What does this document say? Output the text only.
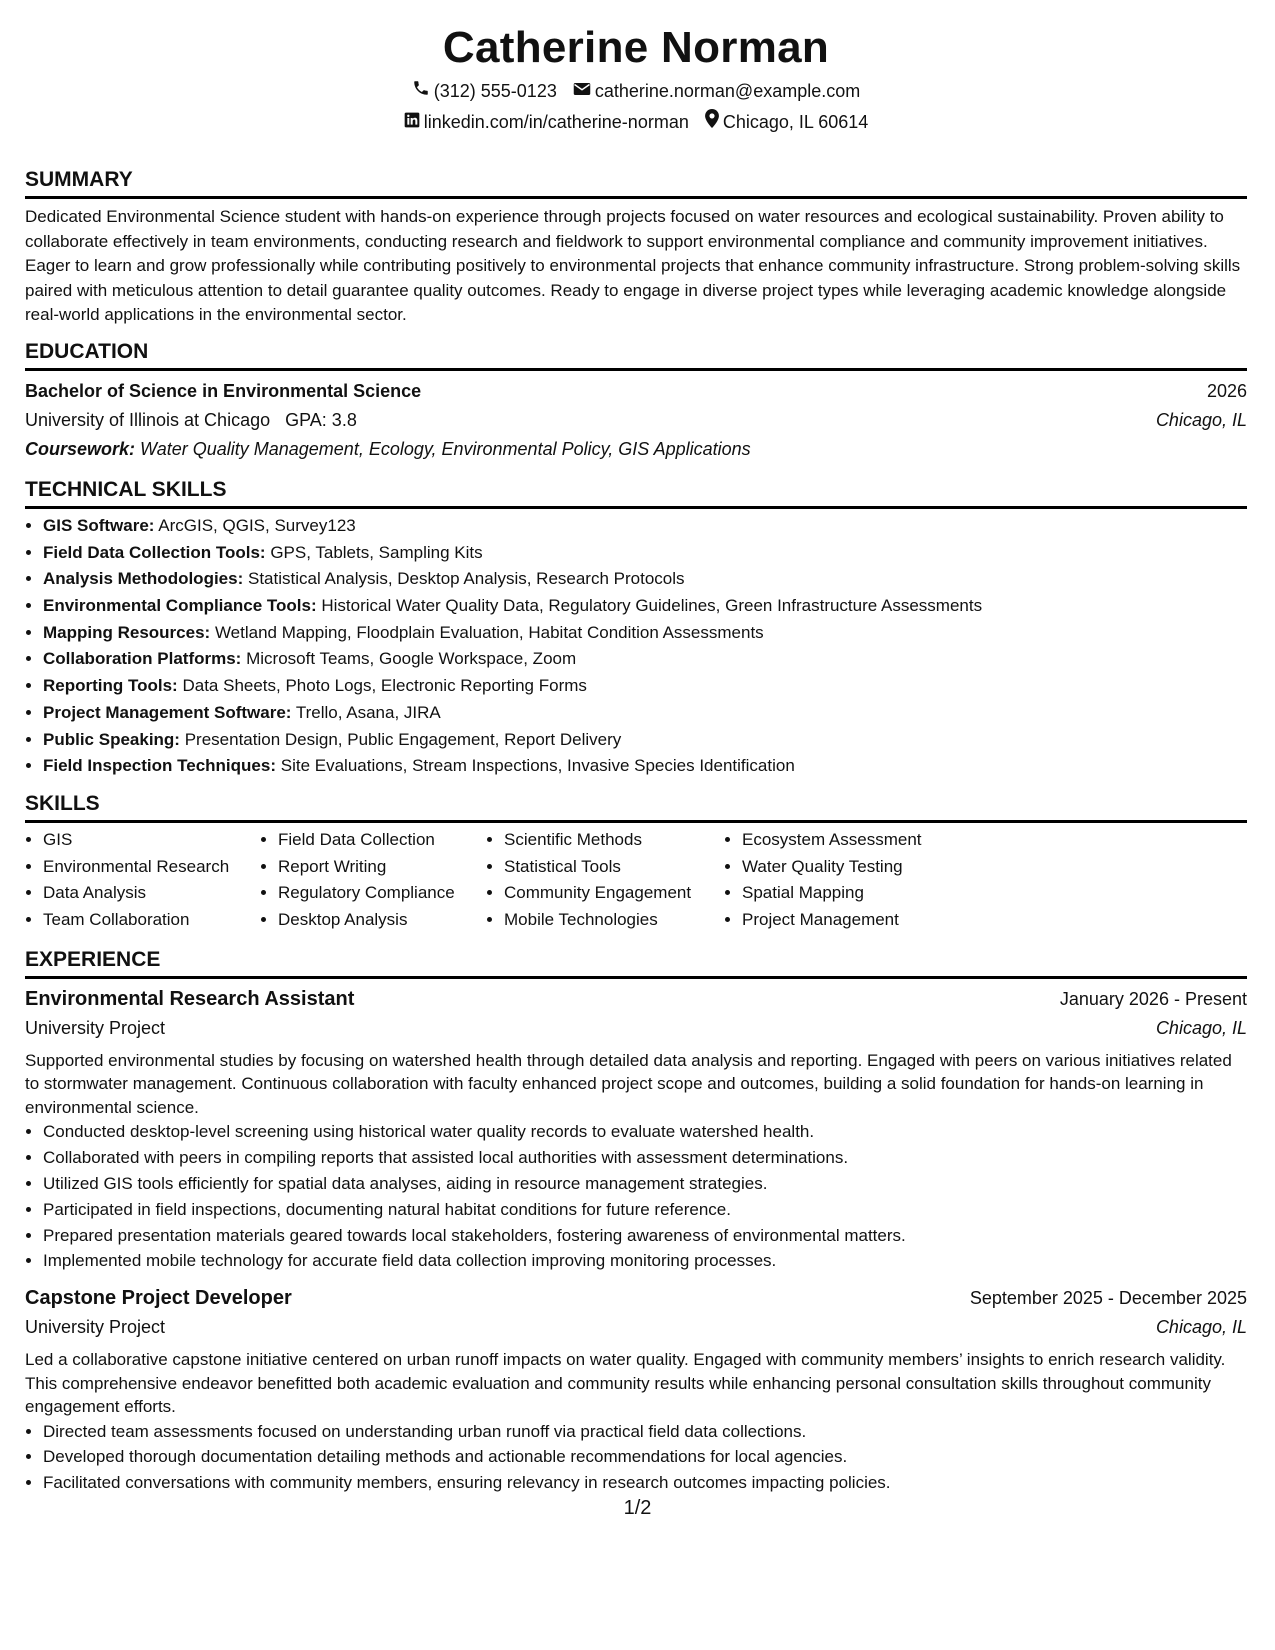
Catherine Norman
(312) 555-0123 catherine.norman@example.com
linkedin.com/in/catherine-norman Chicago, IL 60614
SUMMARY

Dedicated Environmental Science student with hands-on experience through projects focused on water resources and ecological sustainability. Proven ability to collaborate effectively in team environments, conducting research and fieldwork to support environmental compliance and community improvement initiatives. Eager to learn and grow professionally while contributing positively to environmental projects that enhance community infrastructure. Strong problem-solving skills paired with meticulous attention to detail guarantee quality outcomes. Ready to engage in diverse project types while leveraging academic knowledge alongside real-world applications in the environmental sector.

EDUCATION
Bachelor of Science in Environmental Science	2026
University of Illinois at Chicago GPA: 3.8	Chicago, IL
Coursework: Water Quality Management, Ecology, Environmental Policy, GIS Applications
TECHNICAL SKILLS
• GIS Software: ArcGIS, QGIS, Survey123
• Field Data Collection Tools: GPS, Tablets, Sampling Kits
• Analysis Methodologies: Statistical Analysis, Desktop Analysis, Research Protocols
• Environmental Compliance Tools: Historical Water Quality Data, Regulatory Guidelines, Green Infrastructure Assessments
• Mapping Resources: Wetland Mapping, Floodplain Evaluation, Habitat Condition Assessments
• Collaboration Platforms: Microsoft Teams, Google Workspace, Zoom
• Reporting Tools: Data Sheets, Photo Logs, Electronic Reporting Forms
• Project Management Software: Trello, Asana, JIRA
• Public Speaking: Presentation Design, Public Engagement, Report Delivery
• Field Inspection Techniques: Site Evaluations, Stream Inspections, Invasive Species Identification
SKILLS
• GIS
• Environmental Research
• Data Analysis
• Team Collaboration
• Field Data Collection
• Report Writing
• Regulatory Compliance
• Desktop Analysis
• Scientific Methods
• Statistical Tools
• Community Engagement
• Mobile Technologies
• Ecosystem Assessment
• Water Quality Testing
• Spatial Mapping
• Project Management
EXPERIENCE
Environmental Research Assistant	January 2026 - Present
University Project	Chicago, IL

Supported environmental studies by focusing on watershed health through detailed data analysis and reporting. Engaged with peers on various initiatives related to stormwater management. Continuous collaboration with faculty enhanced project scope and outcomes, building a solid foundation for hands-on learning in environmental science.

• Conducted desktop-level screening using historical water quality records to evaluate watershed health.
• Collaborated with peers in compiling reports that assisted local authorities with assessment determinations.
• Utilized GIS tools efficiently for spatial data analyses, aiding in resource management strategies.
• Participated in field inspections, documenting natural habitat conditions for future reference.
• Prepared presentation materials geared towards local stakeholders, fostering awareness of environmental matters.
• Implemented mobile technology for accurate field data collection improving monitoring processes.
Capstone Project Developer	September 2025 - December 2025
University Project	Chicago, IL

Led a collaborative capstone initiative centered on urban runoff impacts on water quality. Engaged with community members’ insights to enrich research validity. This comprehensive endeavor benefitted both academic evaluation and community results while enhancing personal consultation skills throughout community engagement efforts.

• Directed team assessments focused on understanding urban runoff via practical field data collections.
• Developed thorough documentation detailing methods and actionable recommendations for local agencies.
• Facilitated conversations with community members, ensuring relevancy in research outcomes impacting policies.
1/2
